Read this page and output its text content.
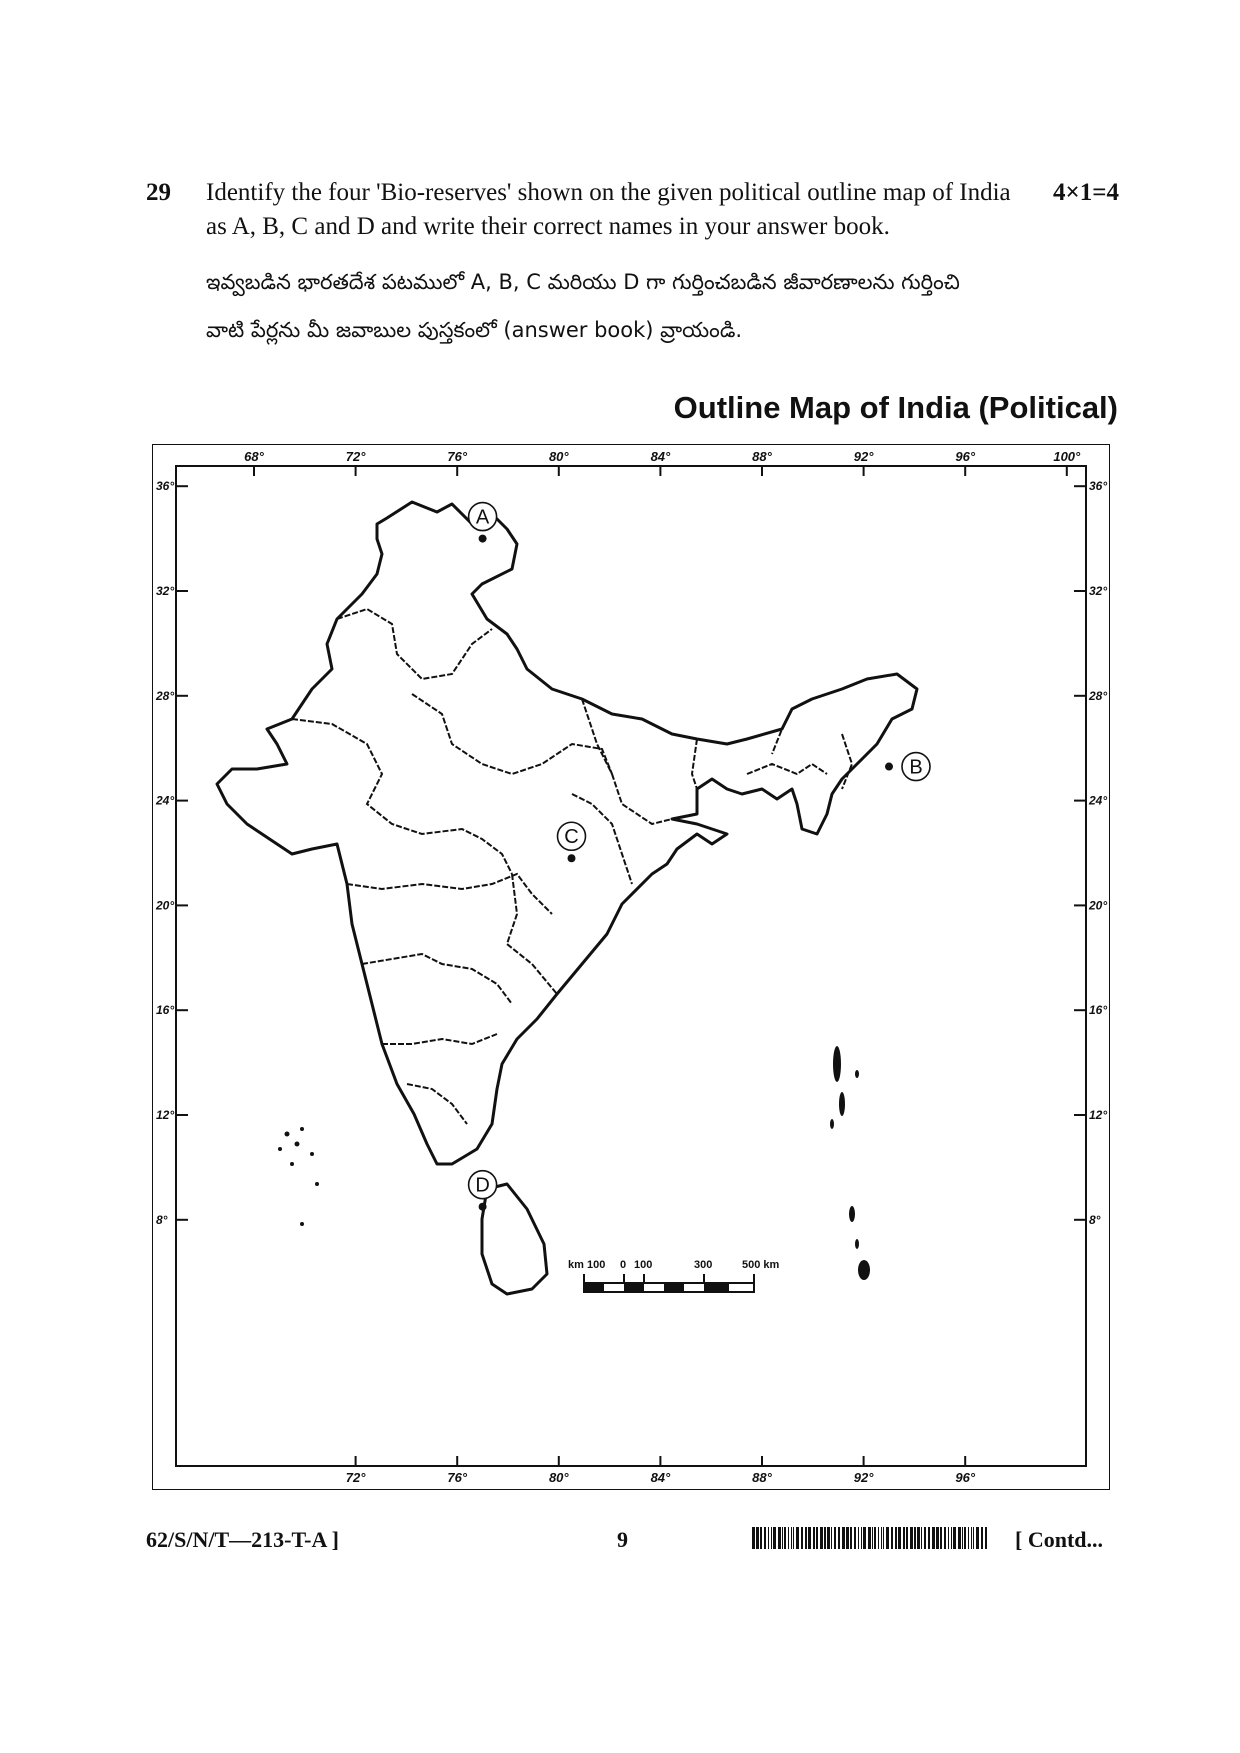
29 Identify the four 'Bio-reserves' shown on the given political outline map of India as A, B, C and D and write their correct names in your answer book.
4×1=4
ఇవ్వబడిన భారతదేశ పటములో A, B, C మరియు D గా గుర్తించబడిన జీవారణాలను గుర్తించి
వాటి పేర్లను మీ జవాబుల పుస్తకంలో (answer book) వ్రాయండి.
Outline Map of India (Political)
68°	72°	76°	80°	84°	88°	92°	96°	100°
72°	76°	80°	84°	88°	92°	96°
36°
32°
28°
24°
20°
16°
12°
8°
36°
32°
28°
24°
20°
16°
12°
8°
A
B
C
D
km 100 0 100	300	500 km
62/S/N/T—213-T-A ]	9	[ Contd...
